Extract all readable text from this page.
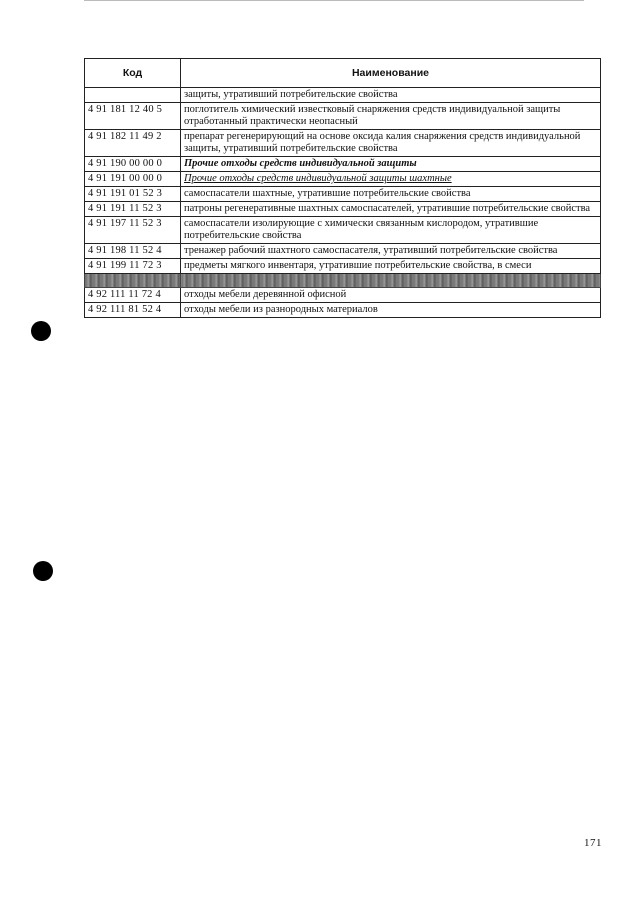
Код	Наименование
	защиты, утративший потребительские свойства
4 91 181 12 40 5	поглотитель химический известковый снаряжения средств индивидуальной защиты отработанный практически неопасный
4 91 182 11 49 2	препарат регенерирующий на основе оксида калия снаряжения средств индивидуальной защиты, утративший потребительские свойства
4 91 190 00 00 0	Прочие отходы средств индивидуальной защиты
4 91 191 00 00 0	Прочие отходы средств индивидуальной защиты шахтные
4 91 191 01 52 3	самоспасатели шахтные, утратившие потребительские свойства
4 91 191 11 52 3	патроны регенеративные шахтных самоспасателей, утратившие потребительские свойства
4 91 197 11 52 3	самоспасатели изолирующие с химически связанным кислородом, утратившие потребительские свойства
4 91 198 11 52 4	тренажер рабочий шахтного самоспасателя, утративший потребительские свойства
4 91 199 11 72 3	предметы мягкого инвентаря, утратившие потребительские свойства, в смеси

4 92 111 11 72 4	отходы мебели деревянной офисной
4 92 111 81 52 4	отходы мебели из разнородных материалов
171
